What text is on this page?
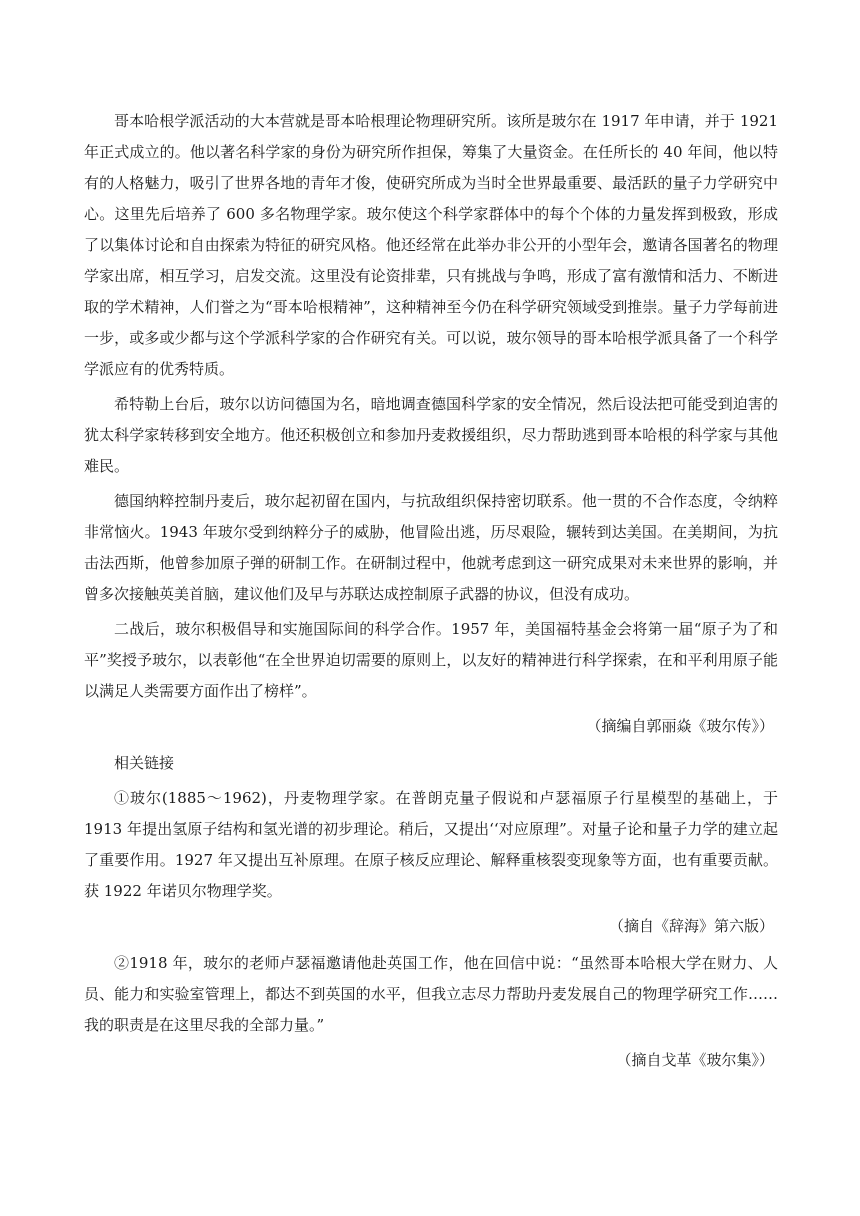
哥本哈根学派活动的大本营就是哥本哈根理论物理研究所。该所是玻尔在 1917 年申请，并于 1921 年正式成立的。他以著名科学家的身份为研究所作担保，筹集了大量资金。在任所长的 40 年间，他以特有的人格魅力，吸引了世界各地的青年才俊，使研究所成为当时全世界最重要、最活跃的量子力学研究中心。这里先后培养了 600 多名物理学家。玻尔使这个科学家群体中的每个个体的力量发挥到极致，形成了以集体讨论和自由探索为特征的研究风格。他还经常在此举办非公开的小型年会，邀请各国著名的物理学家出席，相互学习，启发交流。这里没有论资排辈，只有挑战与争鸣，形成了富有激情和活力、不断进取的学术精神，人们誉之为“哥本哈根精神”，这种精神至今仍在科学研究领域受到推崇。量子力学每前进一步，或多或少都与这个学派科学家的合作研究有关。可以说，玻尔领导的哥本哈根学派具备了一个科学学派应有的优秀特质。

希特勒上台后，玻尔以访问德国为名，暗地调查德国科学家的安全情况，然后设法把可能受到迫害的犹太科学家转移到安全地方。他还积极创立和参加丹麦救援组织，尽力帮助逃到哥本哈根的科学家与其他难民。

德国纳粹控制丹麦后，玻尔起初留在国内，与抗敌组织保持密切联系。他一贯的不合作态度，令纳粹非常恼火。1943 年玻尔受到纳粹分子的威胁，他冒险出逃，历尽艰险，辗转到达美国。在美期间，为抗击法西斯，他曾参加原子弹的研制工作。在研制过程中，他就考虑到这一研究成果对未来世界的影响，并曾多次接触英美首脑，建议他们及早与苏联达成控制原子武器的协议，但没有成功。

二战后，玻尔积极倡导和实施国际间的科学合作。1957 年，美国福特基金会将第一届“原子为了和平”奖授予玻尔，以表彰他“在全世界迫切需要的原则上，以友好的精神进行科学探索，在和平利用原子能以满足人类需要方面作出了榜样”。

（摘编自郭丽焱《玻尔传》）

相关链接

①玻尔(1885～1962)，丹麦物理学家。在普朗克量子假说和卢瑟福原子行星模型的基础上，于 1913 年提出氢原子结构和氢光谱的初步理论。稍后，又提出‘‘对应原理”。对量子论和量子力学的建立起了重要作用。1927 年又提出互补原理。在原子核反应理论、解释重核裂变现象等方面，也有重要贡献。获 1922 年诺贝尔物理学奖。

（摘自《辞海》第六版）

②1918 年，玻尔的老师卢瑟福邀请他赴英国工作，他在回信中说：“虽然哥本哈根大学在财力、人员、能力和实验室管理上，都达不到英国的水平，但我立志尽力帮助丹麦发展自己的物理学研究工作……我的职责是在这里尽我的全部力量。”

（摘自戈革《玻尔集》）
